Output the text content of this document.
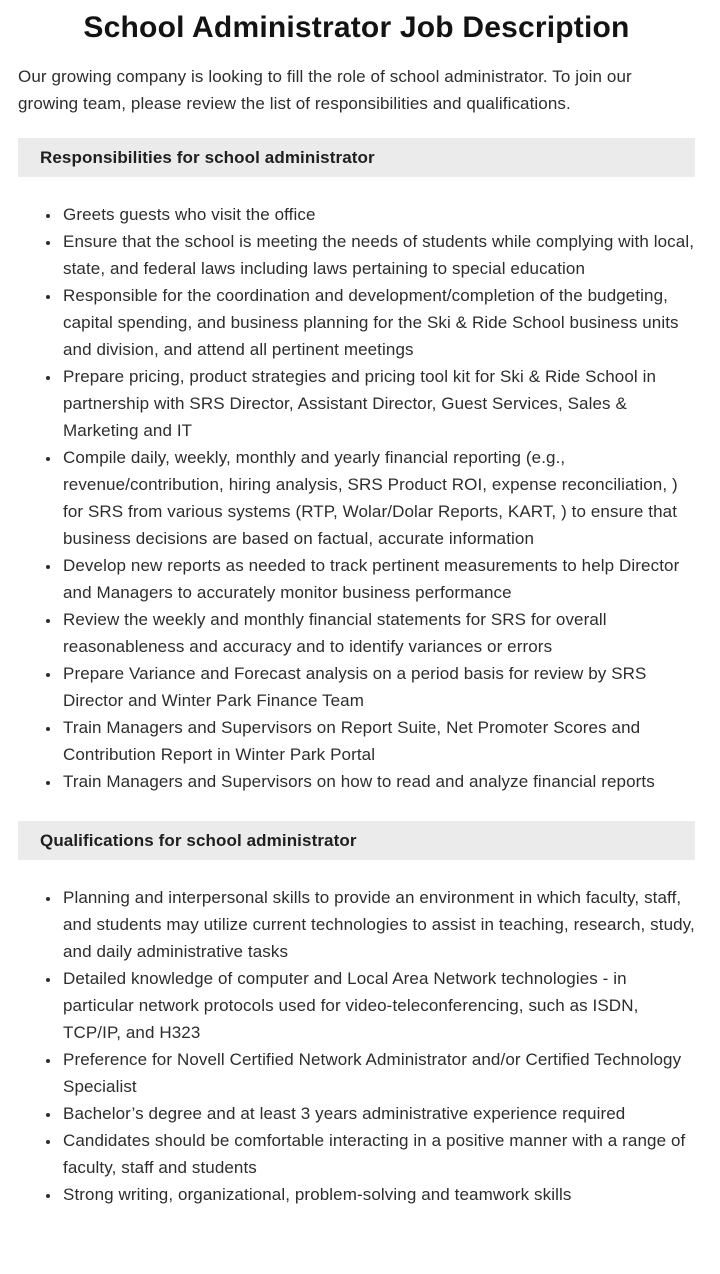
School Administrator Job Description

Our growing company is looking to fill the role of school administrator. To join our growing team, please review the list of responsibilities and qualifications.

Responsibilities for school administrator
• Greets guests who visit the office
• Ensure that the school is meeting the needs of students while complying with local, state, and federal laws including laws pertaining to special education
• Responsible for the coordination and development/completion of the budgeting, capital spending, and business planning for the Ski & Ride School business units and division, and attend all pertinent meetings
• Prepare pricing, product strategies and pricing tool kit for Ski & Ride School in partnership with SRS Director, Assistant Director, Guest Services, Sales & Marketing and IT
• Compile daily, weekly, monthly and yearly financial reporting (e.g., revenue/contribution, hiring analysis, SRS Product ROI, expense reconciliation, ) for SRS from various systems (RTP, Wolar/Dolar Reports, KART, ) to ensure that business decisions are based on factual, accurate information
• Develop new reports as needed to track pertinent measurements to help Director and Managers to accurately monitor business performance
• Review the weekly and monthly financial statements for SRS for overall reasonableness and accuracy and to identify variances or errors
• Prepare Variance and Forecast analysis on a period basis for review by SRS Director and Winter Park Finance Team
• Train Managers and Supervisors on Report Suite, Net Promoter Scores and Contribution Report in Winter Park Portal
• Train Managers and Supervisors on how to read and analyze financial reports
Qualifications for school administrator
• Planning and interpersonal skills to provide an environment in which faculty, staff, and students may utilize current technologies to assist in teaching, research, study, and daily administrative tasks
• Detailed knowledge of computer and Local Area Network technologies - in particular network protocols used for video-teleconferencing, such as ISDN, TCP/IP, and H323
• Preference for Novell Certified Network Administrator and/or Certified Technology Specialist
• Bachelor’s degree and at least 3 years administrative experience required
• Candidates should be comfortable interacting in a positive manner with a range of faculty, staff and students
• Strong writing, organizational, problem-solving and teamwork skills
